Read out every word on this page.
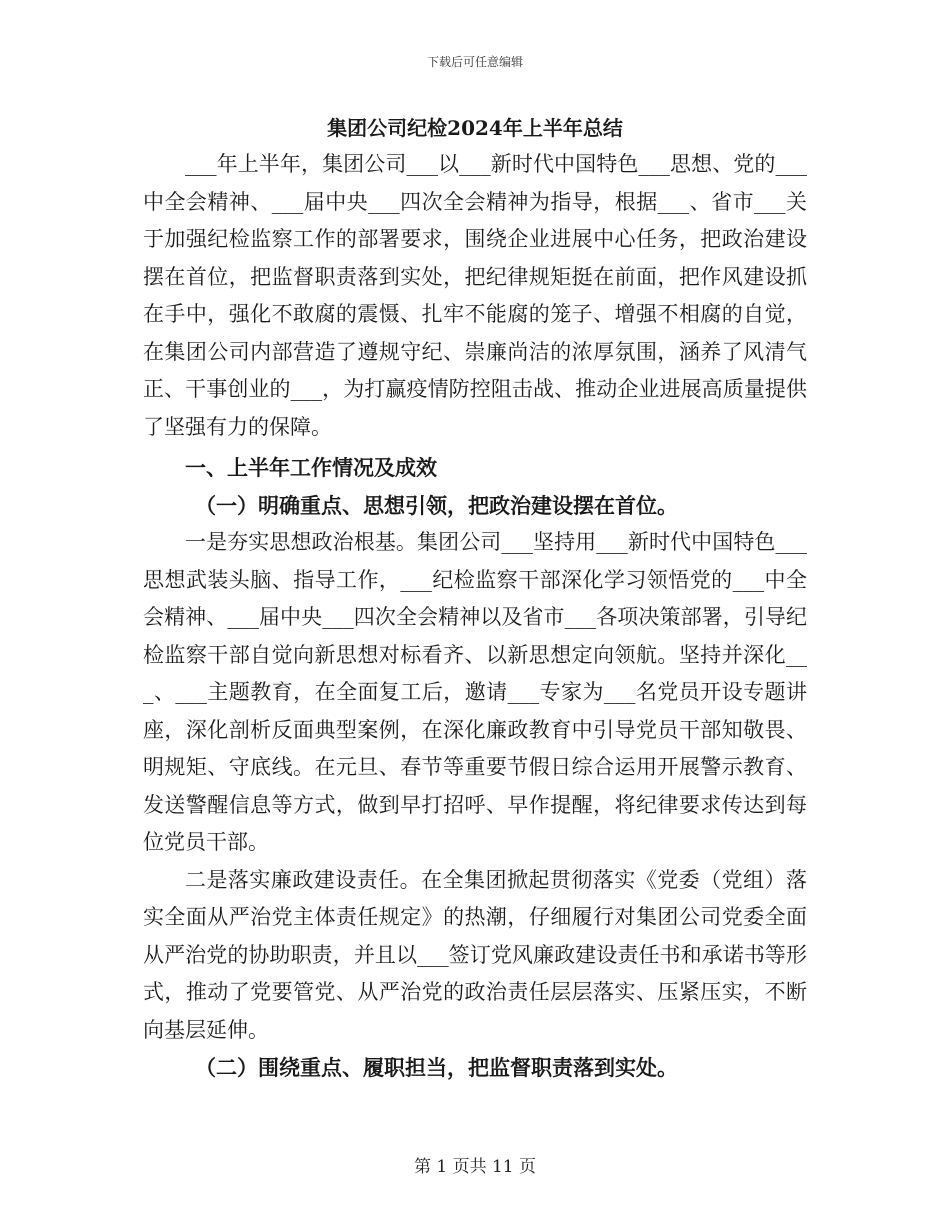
下载后可任意编辑
集团公司纪检2024年上半年总结

___年上半年，集团公司___以___新时代中国特色___思想、党的___中全会精神、___届中央___四次全会精神为指导，根据___、省市___关于加强纪检监察工作的部署要求，围绕企业进展中心任务，把政治建设摆在首位，把监督职责落到实处，把纪律规矩挺在前面，把作风建设抓在手中，强化不敢腐的震慑、扎牢不能腐的笼子、增强不相腐的自觉，在集团公司内部营造了遵规守纪、崇廉尚洁的浓厚氛围，涵养了风清气正、干事创业的___，为打赢疫情防控阻击战、推动企业进展高质量提供了坚强有力的保障。

一、上半年工作情况及成效

（一）明确重点、思想引领，把政治建设摆在首位。

一是夯实思想政治根基。集团公司___坚持用___新时代中国特色___思想武装头脑、指导工作，___纪检监察干部深化学习领悟党的___中全会精神、___届中央___四次全会精神以及省市___各项决策部署，引导纪检监察干部自觉向新思想对标看齐、以新思想定向领航。坚持并深化___、___主题教育，在全面复工后，邀请___专家为___名党员开设专题讲座，深化剖析反面典型案例，在深化廉政教育中引导党员干部知敬畏、明规矩、守底线。在元旦、春节等重要节假日综合运用开展警示教育、发送警醒信息等方式，做到早打招呼、早作提醒，将纪律要求传达到每位党员干部。

二是落实廉政建设责任。在全集团掀起贯彻落实《党委（党组）落实全面从严治党主体责任规定》的热潮，仔细履行对集团公司党委全面从严治党的协助职责，并且以___签订党风廉政建设责任书和承诺书等形式，推动了党要管党、从严治党的政治责任层层落实、压紧压实，不断向基层延伸。

（二）围绕重点、履职担当，把监督职责落到实处。

第 1 页共 11 页
